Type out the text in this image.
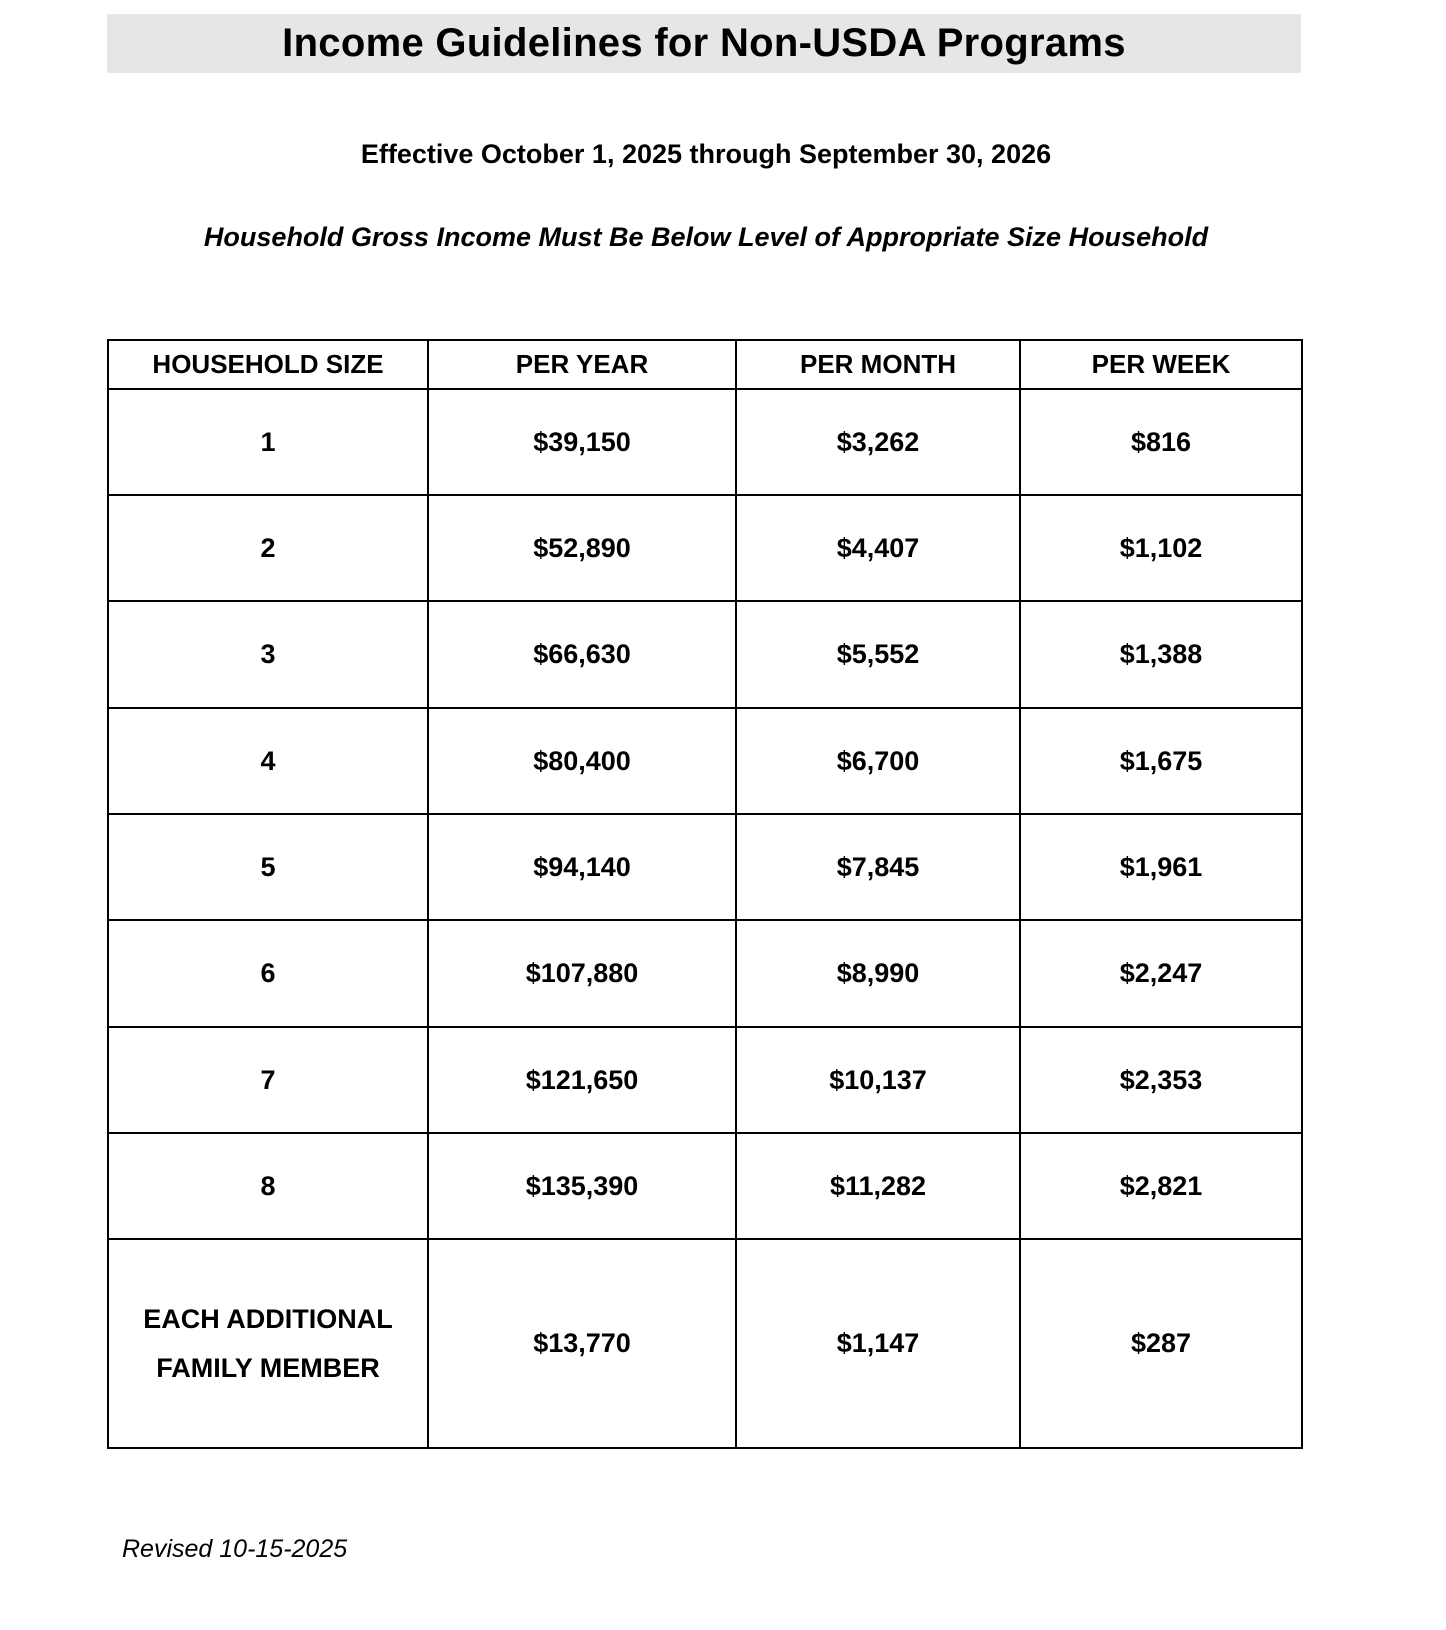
Income Guidelines for Non-USDA Programs
Effective October 1, 2025 through September 30, 2026
Household Gross Income Must Be Below Level of Appropriate Size Household
HOUSEHOLD SIZE	PER YEAR	PER MONTH	PER WEEK
1	$39,150	$3,262	$816
2	$52,890	$4,407	$1,102
3	$66,630	$5,552	$1,388
4	$80,400	$6,700	$1,675
5	$94,140	$7,845	$1,961
6	$107,880	$8,990	$2,247
7	$121,650	$10,137	$2,353
8	$135,390	$11,282	$2,821
EACH ADDITIONAL FAMILY MEMBER	$13,770	$1,147	$287
Revised 10-15-2025
